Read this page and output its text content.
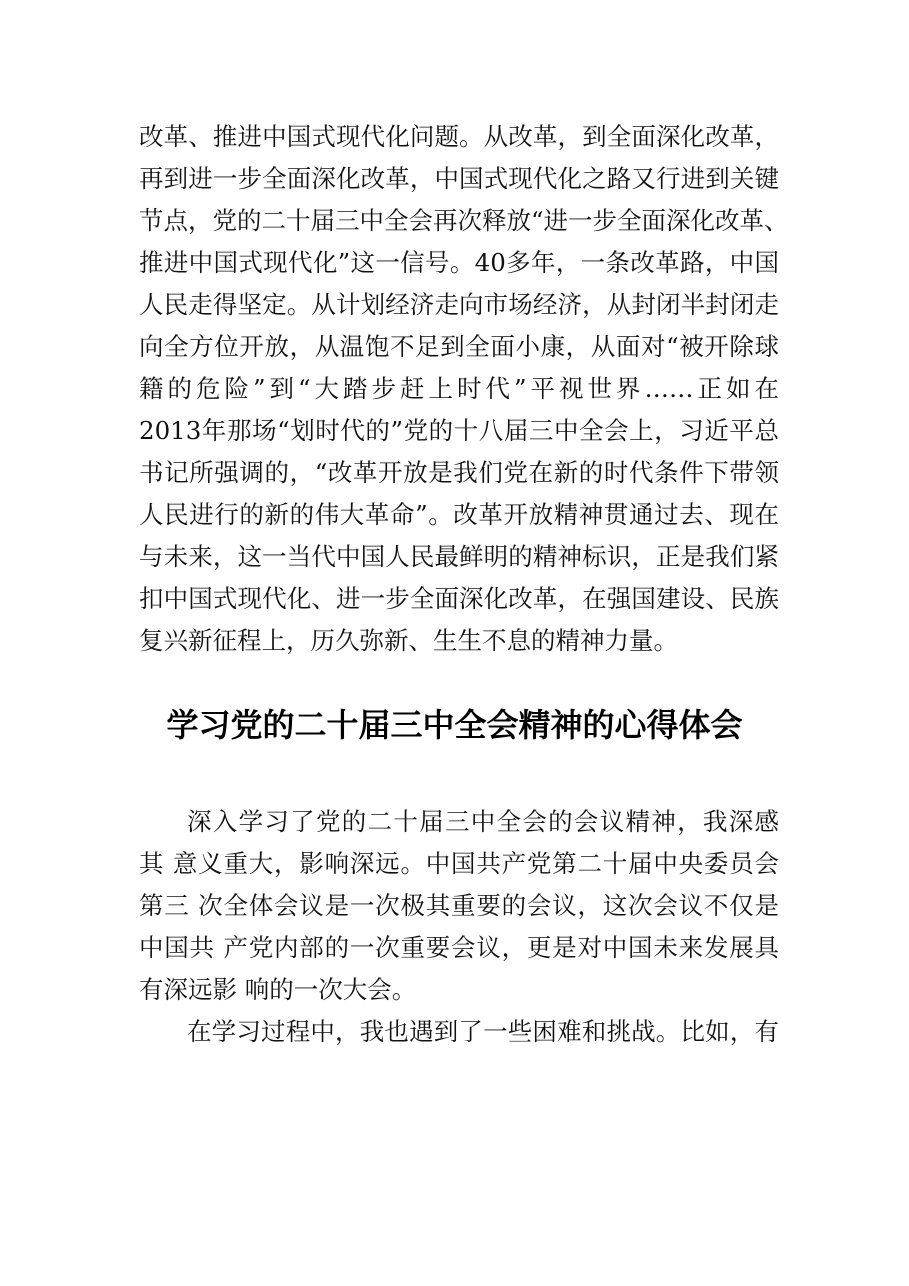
改革、推进中国式现代化问题。从改革，到全面深化改革，
再到进一步全面深化改革，中国式现代化之路又行进到关键
节点，党的二十届三中全会再次释放“进一步全面深化改革、
推进中国式现代化”这一信号。40多年，一条改革路，中国
人民走得坚定。从计划经济走向市场经济，从封闭半封闭走
向全方位开放，从温饱不足到全面小康，从面对“被开除球
籍的危险”到“大踏步赶上时代”平视世界……正如在
2013年那场“划时代的”党的十八届三中全会上，习近平总
书记所强调的，“改革开放是我们党在新的时代条件下带领
人民进行的新的伟大革命”。改革开放精神贯通过去、现在
与未来，这一当代中国人民最鲜明的精神标识，正是我们紧
扣中国式现代化、进一步全面深化改革，在强国建设、民族
复兴新征程上，历久弥新、生生不息的精神力量。
学习党的二十届三中全会精神的心得体会
深入学习了党的二十届三中全会的会议精神，我深感
其 意义重大，影响深远。中国共产党第二十届中央委员会
第三 次全体会议是一次极其重要的会议，这次会议不仅是
中国共 产党内部的一次重要会议，更是对中国未来发展具
有深远影 响的一次大会。
在学习过程中，我也遇到了一些困难和挑战。比如，有
